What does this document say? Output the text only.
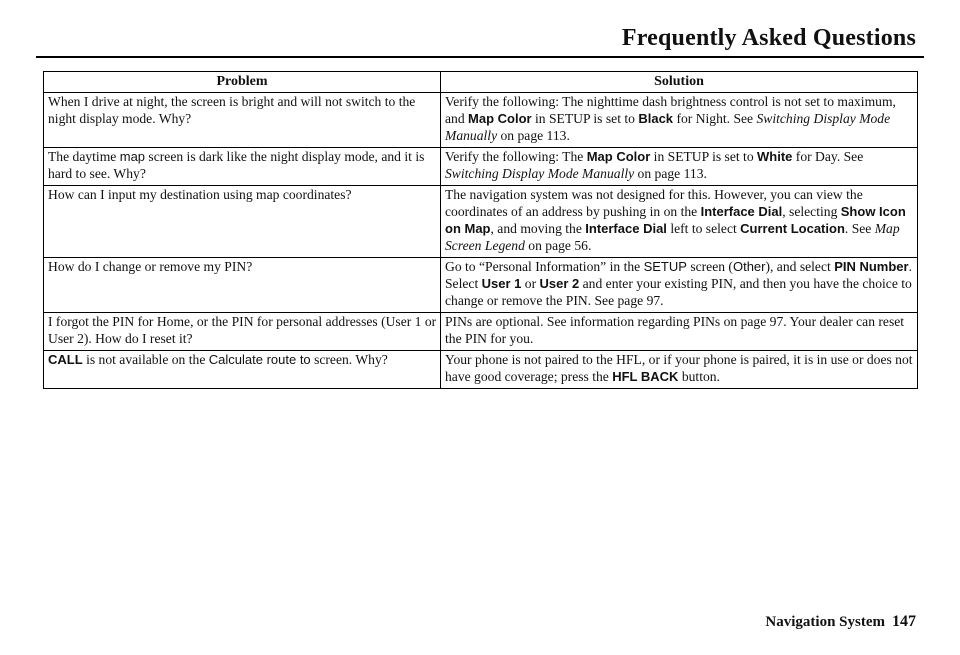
Frequently Asked Questions
Problem	Solution
When I drive at night, the screen is bright and will not switch to the night display mode. Why?	Verify the following: The nighttime dash brightness control is not set to maximum, and Map Color in SETUP is set to Black for Night. See Switching Display Mode Manually on page 113.
The daytime map screen is dark like the night display mode, and it is hard to see. Why?	Verify the following: The Map Color in SETUP is set to White for Day. See Switching Display Mode Manually on page 113.
How can I input my destination using map coordinates?	The navigation system was not designed for this. However, you can view the coordinates of an address by pushing in on the Interface Dial, selecting Show Icon on Map, and moving the Interface Dial left to select Current Location. See Map Screen Legend on page 56.
How do I change or remove my PIN?	Go to “Personal Information” in the SETUP screen (Other), and select PIN Number. Select User 1 or User 2 and enter your existing PIN, and then you have the choice to change or remove the PIN. See page 97.
I forgot the PIN for Home, or the PIN for personal addresses (User 1 or User 2). How do I reset it?	PINs are optional. See information regarding PINs on page 97. Your dealer can reset the PIN for you.
CALL is not available on the Calculate route to screen. Why?	Your phone is not paired to the HFL, or if your phone is paired, it is in use or does not have good coverage; press the HFL BACK button.
Navigation System 147
